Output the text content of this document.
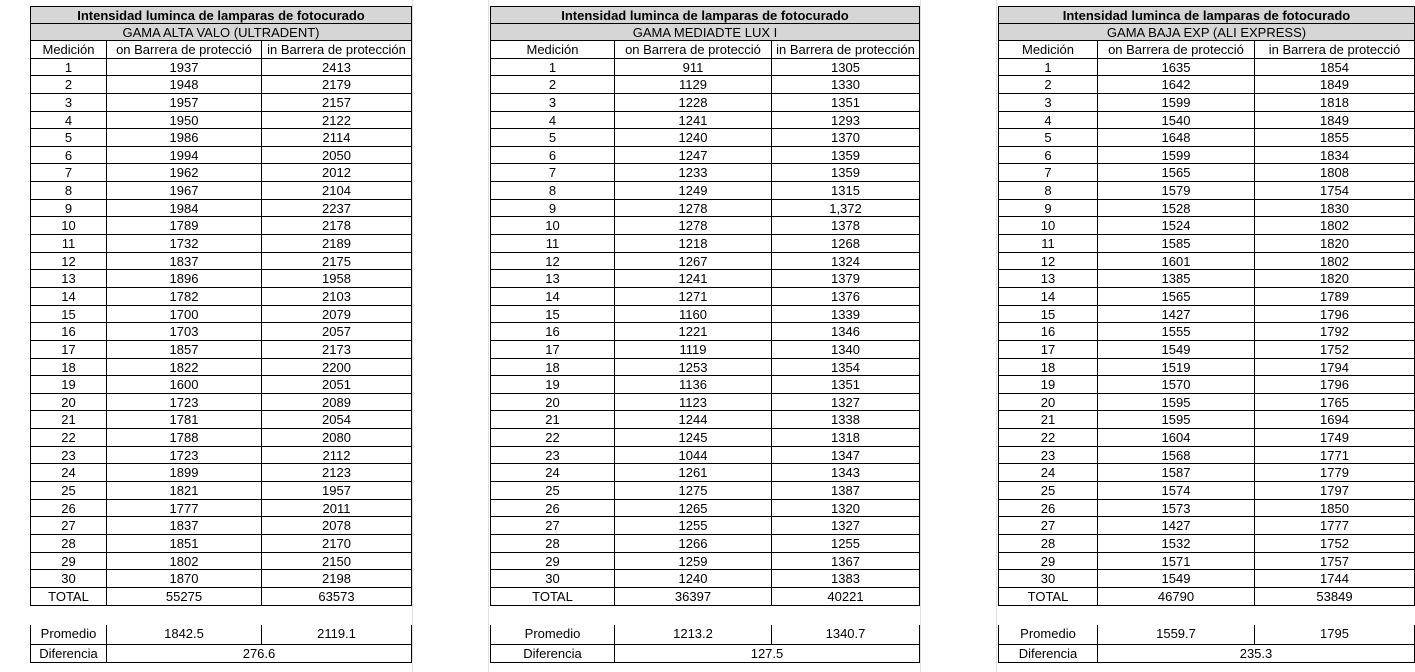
Intensidad luminca de lamparas de fotocurado
GAMA ALTA VALO (ULTRADENT)
Medición	on Barrera de protecció	in Barrera de protección
1	1937	2413
2	1948	2179
3	1957	2157
4	1950	2122
5	1986	2114
6	1994	2050
7	1962	2012
8	1967	2104
9	1984	2237
10	1789	2178
11	1732	2189
12	1837	2175
13	1896	1958
14	1782	2103
15	1700	2079
16	1703	2057
17	1857	2173
18	1822	2200
19	1600	2051
20	1723	2089
21	1781	2054
22	1788	2080
23	1723	2112
24	1899	2123
25	1821	1957
26	1777	2011
27	1837	2078
28	1851	2170
29	1802	2150
30	1870	2198
TOTAL	55275	63573
Promedio	1842.5	2119.1
Diferencia	276.6
Intensidad luminca de lamparas de fotocurado
GAMA MEDIADTE LUX I
Medición	on Barrera de protecció	in Barrera de protección
1	911	1305
2	1129	1330
3	1228	1351
4	1241	1293
5	1240	1370
6	1247	1359
7	1233	1359
8	1249	1315
9	1278	1,372
10	1278	1378
11	1218	1268
12	1267	1324
13	1241	1379
14	1271	1376
15	1160	1339
16	1221	1346
17	1119	1340
18	1253	1354
19	1136	1351
20	1123	1327
21	1244	1338
22	1245	1318
23	1044	1347
24	1261	1343
25	1275	1387
26	1265	1320
27	1255	1327
28	1266	1255
29	1259	1367
30	1240	1383
TOTAL	36397	40221
Promedio	1213.2	1340.7
Diferencia	127.5
Intensidad luminca de lamparas de fotocurado
GAMA BAJA EXP (ALI EXPRESS)
Medición	on Barrera de protecció	in Barrera de protecció
1	1635	1854
2	1642	1849
3	1599	1818
4	1540	1849
5	1648	1855
6	1599	1834
7	1565	1808
8	1579	1754
9	1528	1830
10	1524	1802
11	1585	1820
12	1601	1802
13	1385	1820
14	1565	1789
15	1427	1796
16	1555	1792
17	1549	1752
18	1519	1794
19	1570	1796
20	1595	1765
21	1595	1694
22	1604	1749
23	1568	1771
24	1587	1779
25	1574	1797
26	1573	1850
27	1427	1777
28	1532	1752
29	1571	1757
30	1549	1744
TOTAL	46790	53849
Promedio	1559.7	1795
Diferencia	235.3
